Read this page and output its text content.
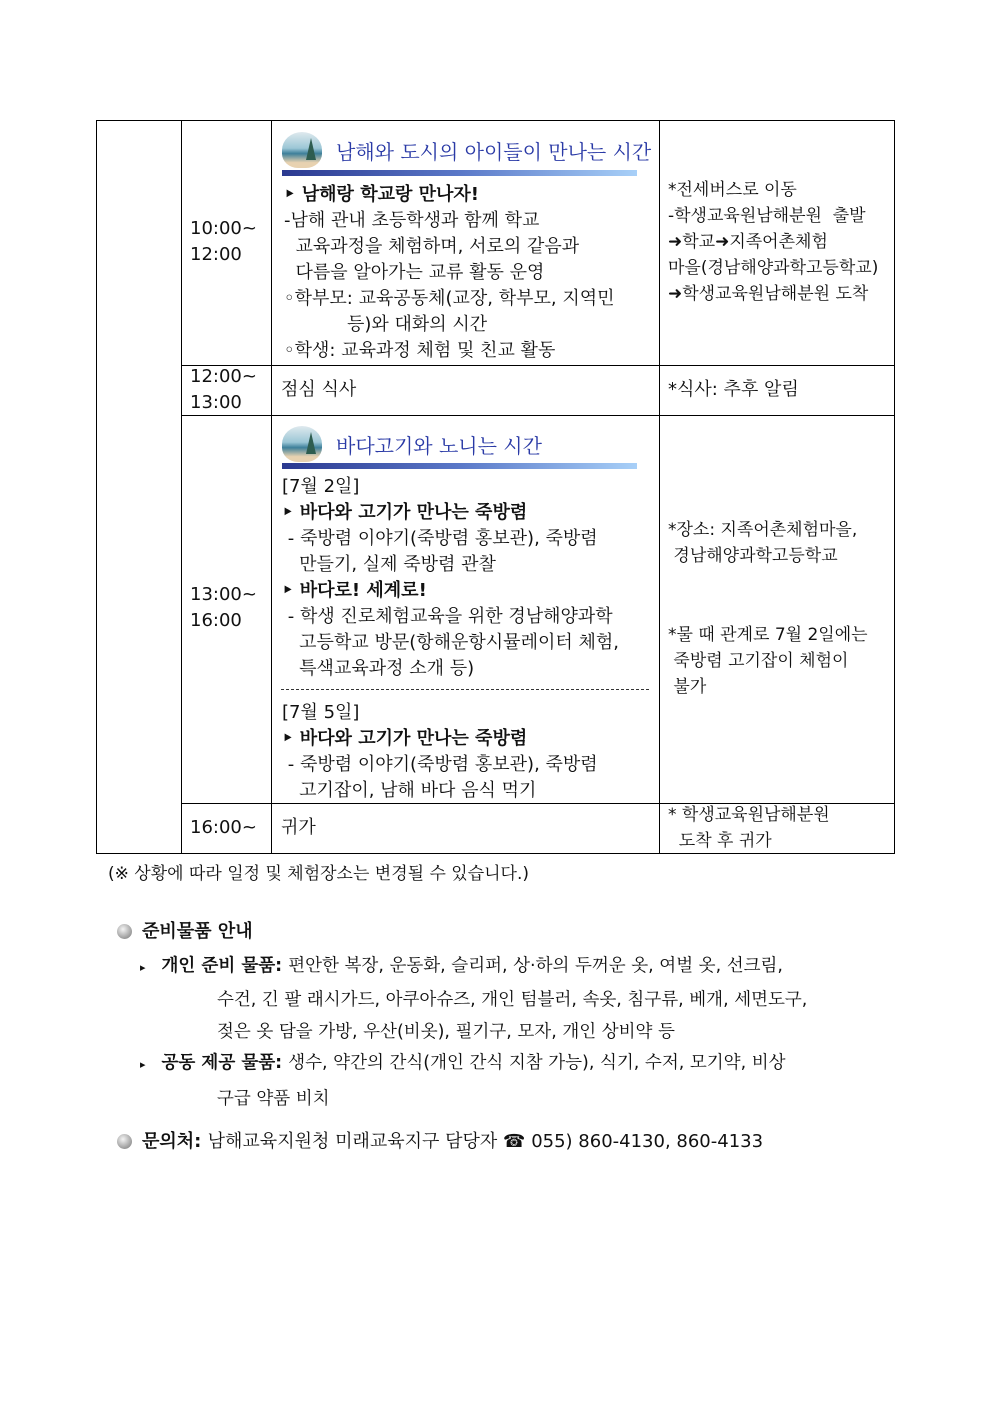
10:00~
12:00
남해와 도시의 아이들이 만나는 시간
‣ 남해랑 학교랑 만나자!
-남해 관내 초등학생과 함께 학교
교육과정을 체험하며, 서로의 같음과
다름을 알아가는 교류 활동 운영
◦학부모: 교육공동체(교장, 학부모, 지역민
등)와 대화의 시간
◦학생: 교육과정 체험 및 친교 활동
*전세버스로 이동
-학생교육원남해분원  출발
➜학교➜지족어촌체험
마을(경남해양과학고등학교)
➜학생교육원남해분원 도착
12:00~
13:00
점심 식사	*식사: 추후 알림
13:00~
16:00
바다고기와 노니는 시간
[7월 2일]
‣ 바다와 고기가 만나는 죽방렴
- 죽방렴 이야기(죽방렴 홍보관), 죽방렴
만들기, 실제 죽방렴 관찰
‣ 바다로! 세계로!
- 학생 진로체험교육을 위한 경남해양과학
고등학교 방문(항해운항시뮬레이터 체험,
특색교육과정 소개 등)
[7월 5일]
‣ 바다와 고기가 만나는 죽방렴
- 죽방렴 이야기(죽방렴 홍보관), 죽방렴
고기잡이, 남해 바다 음식 먹기
*장소: 지족어촌체험마을,
경남해양과학고등학교
*물 때 관계로 7월 2일에는
죽방렴 고기잡이 체험이
불가
16:00~ 귀가
* 학생교육원남해분원
도착 후 귀가
(※ 상황에 따라 일정 및 체험장소는 변경될 수 있습니다.)
준비물품 안내
▸ 개인 준비 물품: 편안한 복장, 운동화, 슬리퍼, 상·하의 두꺼운 옷, 여벌 옷, 선크림,
수건, 긴 팔 래시가드, 아쿠아슈즈, 개인 텀블러, 속옷, 침구류, 베개, 세면도구,
젖은 옷 담을 가방, 우산(비옷), 필기구, 모자, 개인 상비약 등
▸ 공동 제공 물품: 생수, 약간의 간식(개인 간식 지참 가능), 식기, 수저, 모기약, 비상
구급 약품 비치
문의처: 남해교육지원청 미래교육지구 담당자 ☎ 055) 860-4130, 860-4133
